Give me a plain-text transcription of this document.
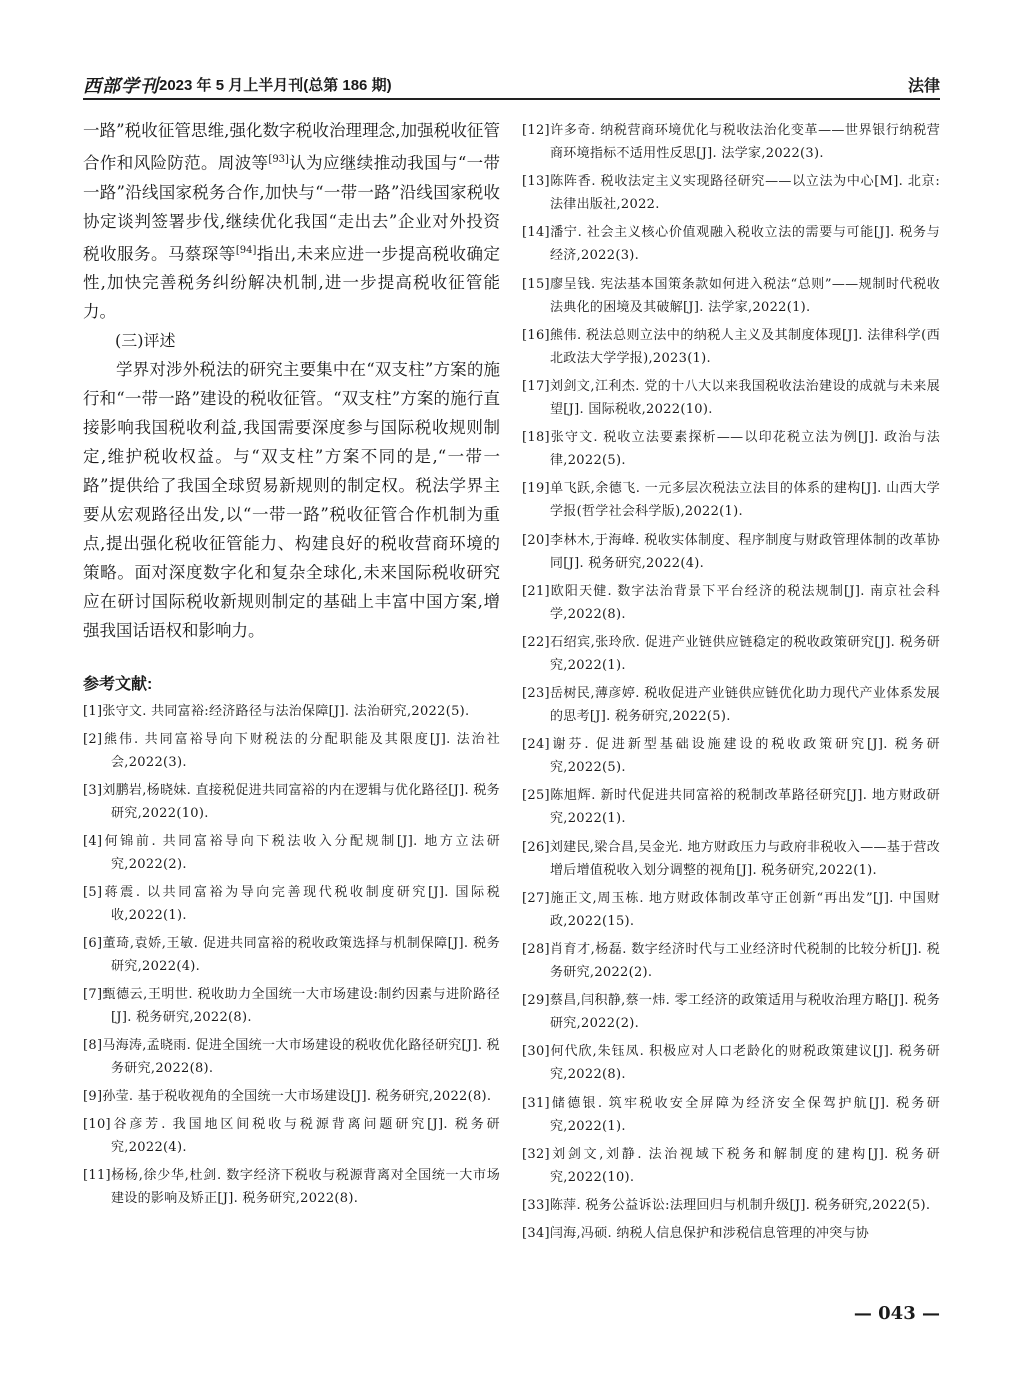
西部学刊 2023 年 5 月上半月刊(总第 186 期)	法律

一路”税收征管思维,强化数字税收治理理念,加强税收征管合作和风险防范。周波等[93]认为应继续推动我国与“一带一路”沿线国家税务合作,加快与“一带一路”沿线国家税收协定谈判签署步伐,继续优化我国“走出去”企业对外投资税收服务。马蔡琛等[94]指出,未来应进一步提高税收确定性,加快完善税务纠纷解决机制,进一步提高税收征管能力。

(三)评述
学界对涉外税法的研究主要集中在“双支柱”方案的施行和“一带一路”建设的税收征管。“双支柱”方案的施行直接影响我国税收利益,我国需要深度参与国际税收规则制定,维护税收权益。与“双支柱”方案不同的是,“一带一路”提供给了我国全球贸易新规则的制定权。税法学界主要从宏观路径出发,以“一带一路”税收征管合作机制为重点,提出强化税收征管能力、构建良好的税收营商环境的策略。面对深度数字化和复杂全球化,未来国际税收研究应在研讨国际税收新规则制定的基础上丰富中国方案,增强我国话语权和影响力。
参考文献:

[1]张守文. 共同富裕:经济路径与法治保障[J]. 法治研究,2022(5).

[2]熊伟. 共同富裕导向下财税法的分配职能及其限度[J]. 法治社会,2022(3).

[3]刘鹏岩,杨晓妹. 直接税促进共同富裕的内在逻辑与优化路径[J]. 税务研究,2022(10).

[4]何锦前. 共同富裕导向下税法收入分配规制[J]. 地方立法研究,2022(2).

[5]蒋震. 以共同富裕为导向完善现代税收制度研究[J]. 国际税收,2022(1).

[6]董琦,袁娇,王敏. 促进共同富裕的税收政策选择与机制保障[J]. 税务研究,2022(4).

[7]甄德云,王明世. 税收助力全国统一大市场建设:制约因素与进阶路径[J]. 税务研究,2022(8).

[8]马海涛,孟晓雨. 促进全国统一大市场建设的税收优化路径研究[J]. 税务研究,2022(8).

[9]孙莹. 基于税收视角的全国统一大市场建设[J]. 税务研究,2022(8).

[10]谷彦芳. 我国地区间税收与税源背离问题研究[J]. 税务研究,2022(4).

[11]杨杨,徐少华,杜剑. 数字经济下税收与税源背离对全国统一大市场建设的影响及矫正[J]. 税务研究,2022(8).

[12]许多奇. 纳税营商环境优化与税收法治化变革——世界银行纳税营商环境指标不适用性反思[J]. 法学家,2022(3).

[13]陈阵香. 税收法定主义实现路径研究——以立法为中心[M]. 北京:法律出版社,2022.

[14]潘宁. 社会主义核心价值观融入税收立法的需要与可能[J]. 税务与经济,2022(3).

[15]廖呈钱. 宪法基本国策条款如何进入税法“总则”——规制时代税收法典化的困境及其破解[J]. 法学家,2022(1).

[16]熊伟. 税法总则立法中的纳税人主义及其制度体现[J]. 法律科学(西北政法大学学报),2023(1).

[17]刘剑文,江利杰. 党的十八大以来我国税收法治建设的成就与未来展望[J]. 国际税收,2022(10).

[18]张守文. 税收立法要素探析——以印花税立法为例[J]. 政治与法律,2022(5).

[19]单飞跃,余德飞. 一元多层次税法立法目的体系的建构[J]. 山西大学学报(哲学社会科学版),2022(1).

[20]李林木,于海峰. 税收实体制度、程序制度与财政管理体制的改革协同[J]. 税务研究,2022(4).

[21]欧阳天健. 数字法治背景下平台经济的税法规制[J]. 南京社会科学,2022(8).

[22]石绍宾,张玲欣. 促进产业链供应链稳定的税收政策研究[J]. 税务研究,2022(1).

[23]岳树民,薄彦婷. 税收促进产业链供应链优化助力现代产业体系发展的思考[J]. 税务研究,2022(5).

[24]谢芬. 促进新型基础设施建设的税收政策研究[J]. 税务研究,2022(5).

[25]陈旭辉. 新时代促进共同富裕的税制改革路径研究[J]. 地方财政研究,2022(1).

[26]刘建民,梁合昌,吴金光. 地方财政压力与政府非税收入——基于营改增后增值税收入划分调整的视角[J]. 税务研究,2022(1).

[27]施正文,周玉栋. 地方财政体制改革守正创新“再出发”[J]. 中国财政,2022(15).

[28]肖育才,杨磊. 数字经济时代与工业经济时代税制的比较分析[J]. 税务研究,2022(2).

[29]蔡昌,闫积静,蔡一炜. 零工经济的政策适用与税收治理方略[J]. 税务研究,2022(2).

[30]何代欣,朱钰凤. 积极应对人口老龄化的财税政策建议[J]. 税务研究,2022(8).

[31]储德银. 筑牢税收安全屏障为经济安全保驾护航[J]. 税务研究,2022(1).

[32]刘剑文,刘静. 法治视域下税务和解制度的建构[J]. 税务研究,2022(10).

[33]陈萍. 税务公益诉讼:法理回归与机制升级[J]. 税务研究,2022(5).

[34]闫海,冯硕. 纳税人信息保护和涉税信息管理的冲突与协

— 043 —
